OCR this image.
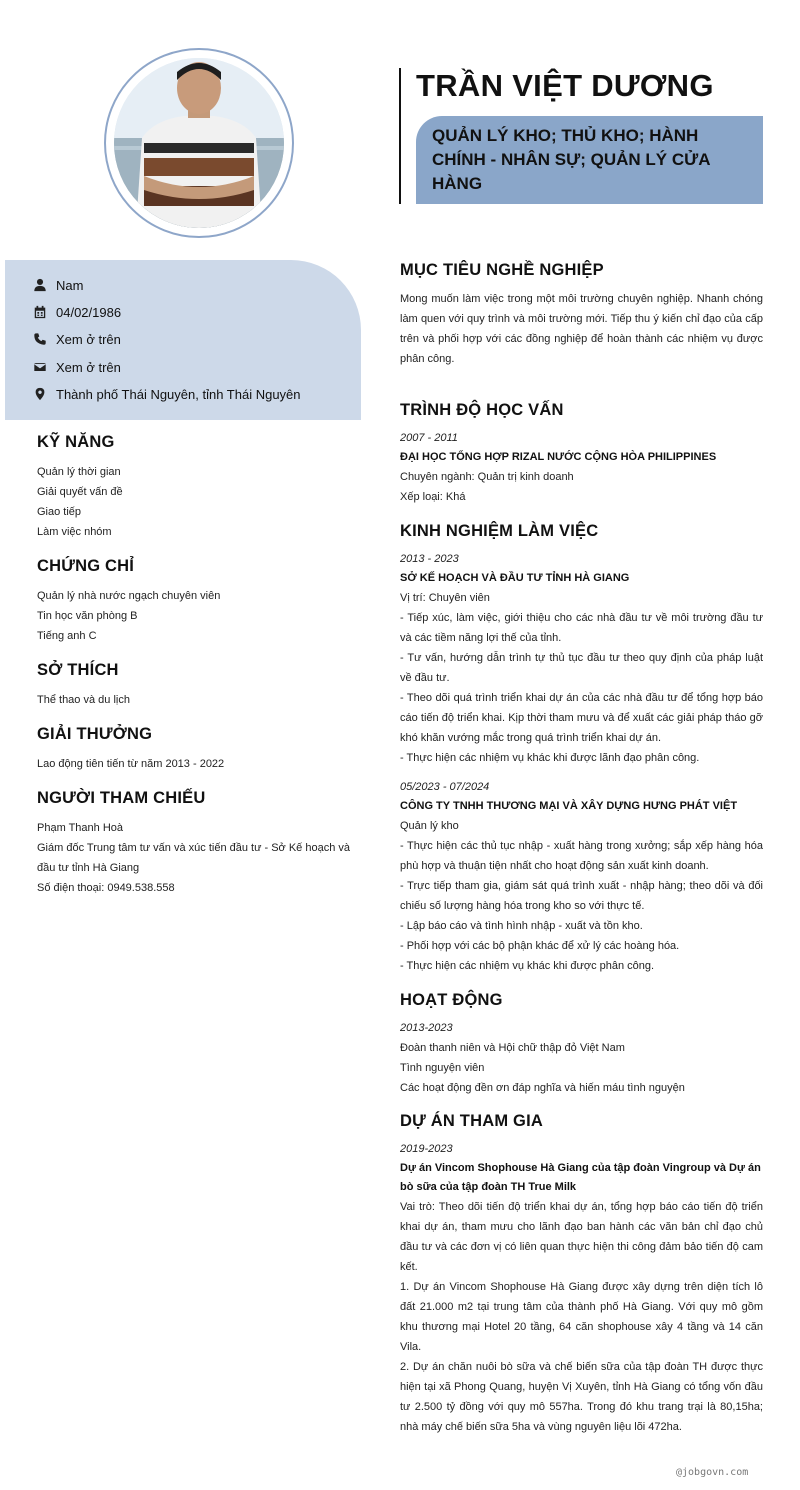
Nam
04/02/1986
Xem ở trên
Xem ở trên
Thành phố Thái Nguyên, tỉnh Thái Nguyên
KỸ NĂNG
Quản lý thời gian
Giải quyết vấn đề
Giao tiếp
Làm việc nhóm
CHỨNG CHỈ
Quản lý nhà nước ngạch chuyên viên
Tin học văn phòng B
Tiếng anh C
SỞ THÍCH
Thể thao và du lịch
GIẢI THƯỞNG
Lao động tiên tiến từ năm 2013 - 2022
NGƯỜI THAM CHIẾU
Phạm Thanh Hoà
Giám đốc Trung tâm tư vấn và xúc tiến đầu tư - Sở Kế hoạch và đầu tư tỉnh Hà Giang
Số điện thoại: 0949.538.558
TRẦN VIỆT DƯƠNG
QUẢN LÝ KHO; THỦ KHO; HÀNH CHÍNH - NHÂN SỰ; QUẢN LÝ CỬA HÀNG
MỤC TIÊU NGHỀ NGHIỆP
Mong muốn làm việc trong một môi trường chuyên nghiệp. Nhanh chóng làm quen với quy trình và môi trường mới. Tiếp thu ý kiến chỉ đạo của cấp trên và phối hợp với các đồng nghiệp để hoàn thành các nhiệm vụ được phân công.
TRÌNH ĐỘ HỌC VẤN
2007 - 2011
ĐẠI HỌC TỔNG HỢP RIZAL NƯỚC CỘNG HÒA PHILIPPINES
Chuyên ngành: Quản trị kinh doanh
Xếp loại: Khá
KINH NGHIỆM LÀM VIỆC
2013 - 2023
SỞ KẾ HOẠCH VÀ ĐẦU TƯ TỈNH HÀ GIANG
Vị trí: Chuyên viên
- Tiếp xúc, làm việc, giới thiệu cho các nhà đầu tư về môi trường đầu tư và các tiềm năng lợi thế của tỉnh.
- Tư vấn, hướng dẫn trình tự thủ tục đầu tư theo quy định của pháp luật về đầu tư.
- Theo dõi quá trình triển khai dự án của các nhà đầu tư để tổng hợp báo cáo tiến độ triển khai. Kịp thời tham mưu và để xuất các giải pháp tháo gỡ khó khăn vướng mắc trong quá trình triển khai dự án.
- Thực hiện các nhiệm vụ khác khi được lãnh đạo phân công.
05/2023 - 07/2024
CÔNG TY TNHH THƯƠNG MẠI VÀ XÂY DỰNG HƯNG PHÁT VIỆT
Quản lý kho
- Thực hiện các thủ tục nhập - xuất hàng trong xưởng; sắp xếp hàng hóa phù hợp và thuận tiện nhất cho hoạt động sản xuất kinh doanh.
- Trực tiếp tham gia, giám sát quá trình xuất - nhập hàng; theo dõi và đối chiếu số lượng hàng hóa trong kho so với thực tế.
- Lập báo cáo và tình hình nhập - xuất và tồn kho.
- Phối hợp với các bộ phận khác để xử lý các hoàng hóa.
- Thực hiện các nhiệm vụ khác khi được phân công.
HOẠT ĐỘNG
2013-2023
Đoàn thanh niên và Hội chữ thập đỏ Việt Nam
Tình nguyện viên
Các hoạt động đền ơn đáp nghĩa và hiến máu tình nguyện
DỰ ÁN THAM GIA
2019-2023
Dự án Vincom Shophouse Hà Giang của tập đoàn Vingroup và Dự án bò sữa của tập đoàn TH True Milk
Vai trò: Theo dõi tiến độ triển khai dự án, tổng hợp báo cáo tiến độ triển khai dự án, tham mưu cho lãnh đạo ban hành các văn bản chỉ đạo chủ đầu tư và các đơn vị có liên quan thực hiện thi công đảm bảo tiến độ cam kết.
1. Dự án Vincom Shophouse Hà Giang được xây dựng trên diện tích lô đất 21.000 m2 tại trung tâm của thành phố Hà Giang. Với quy mô gồm khu thương mại Hotel 20 tầng, 64 căn shophouse xây 4 tầng và 14 căn Vila.
2. Dự án chăn nuôi bò sữa và chế biến sữa của tập đoàn TH được thực hiện tại xã Phong Quang, huyện Vị Xuyên, tỉnh Hà Giang có tổng vốn đầu tư 2.500 tỷ đồng với quy mô 557ha. Trong đó khu trang trại là 80,15ha; nhà máy chế biến sữa 5ha và vùng nguyên liệu lõi 472ha.
@jobgovn.com
